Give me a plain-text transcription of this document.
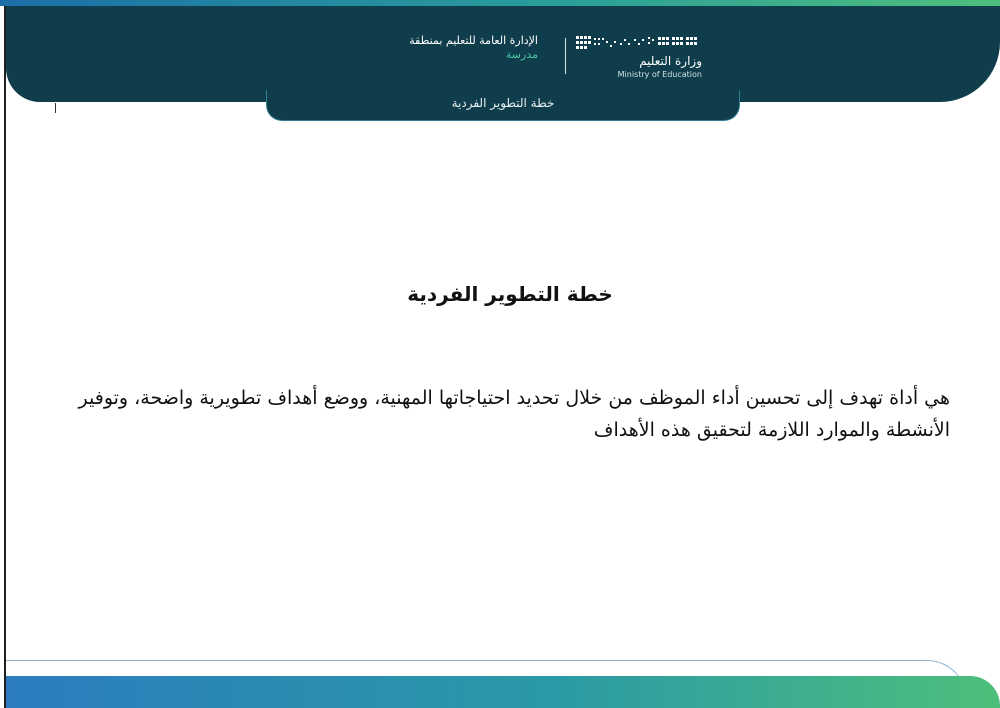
الإدارة العامة للتعليم بمنطقة
مدرسة	وزارة التعليم
Ministry of Education
خطة التطوير الفردية
خطة التطوير الفردية
هي أداة تهدف إلى تحسين أداء الموظف من خلال تحديد احتياجاتها المهنية، ووضع أهداف تطويرية واضحة، وتوفير الأنشطة والموارد اللازمة لتحقيق هذه الأهداف
